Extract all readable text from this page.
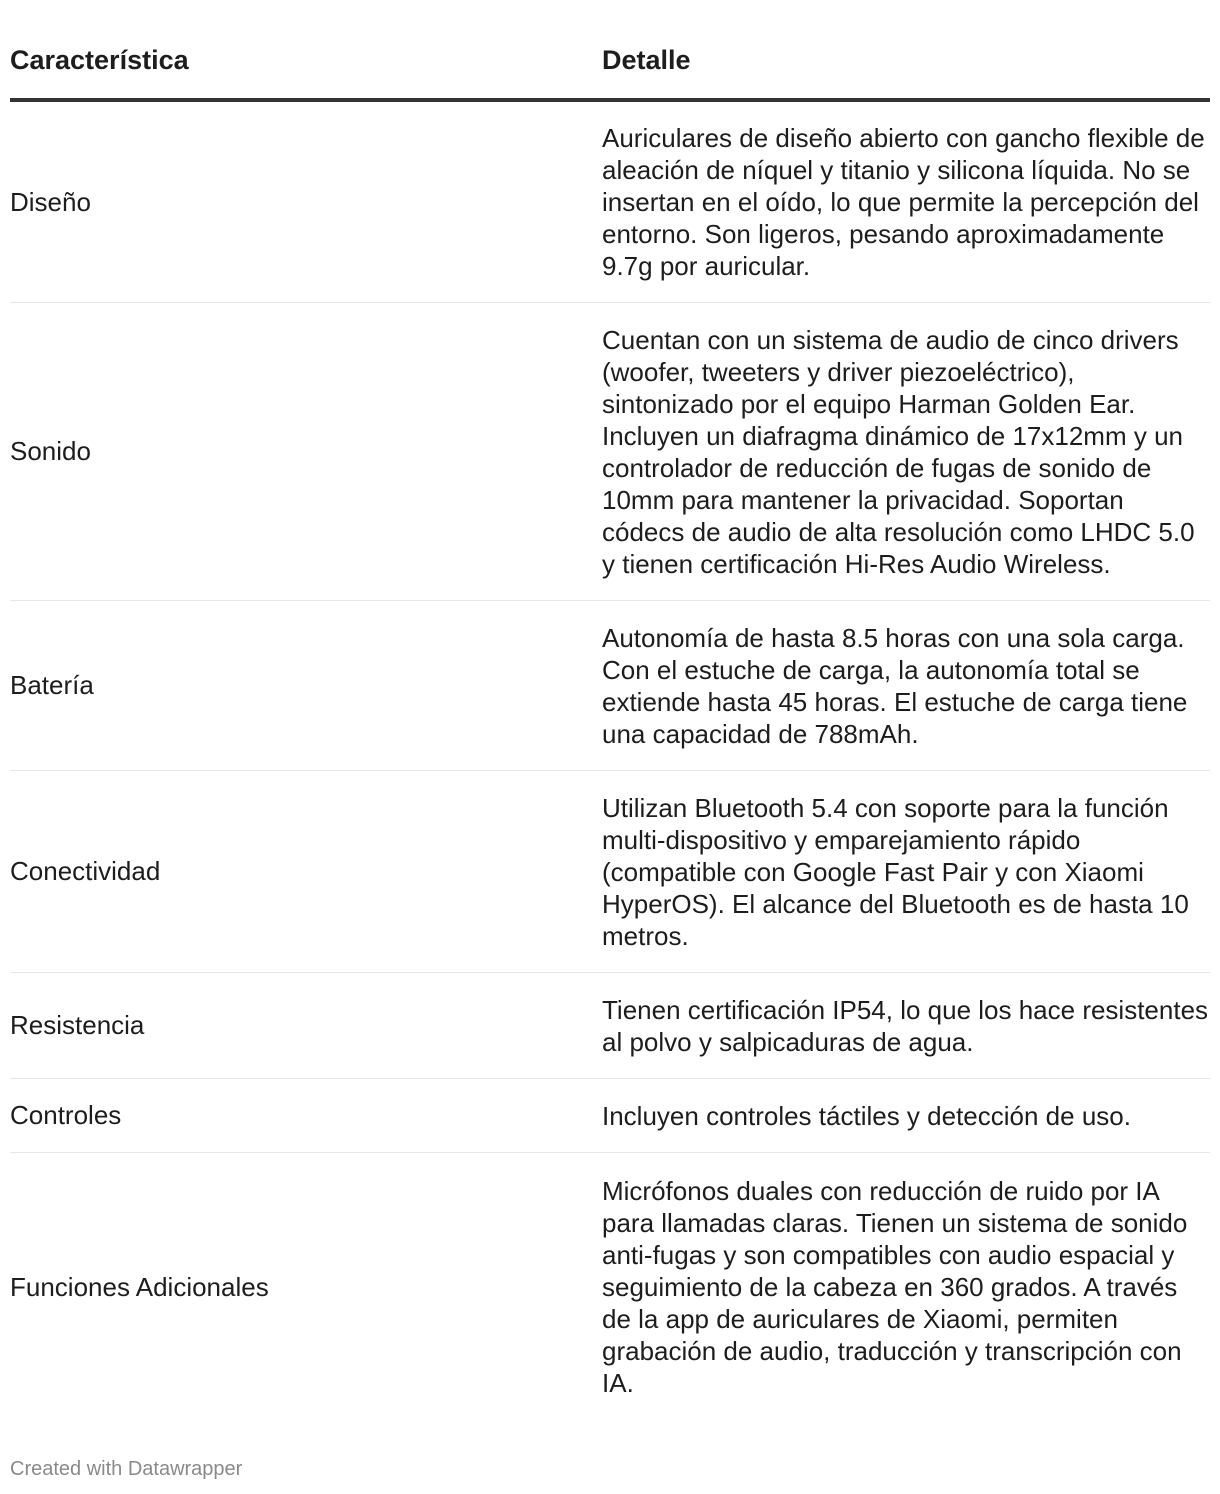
Característica	Detalle
Diseño
Auriculares de diseño abierto con gancho flexible de aleación de níquel y titanio y silicona líquida. No se insertan en el oído, lo que permite la percepción del entorno. Son ligeros, pesando aproximadamente 9.7g por auricular.
Sonido
Cuentan con un sistema de audio de cinco drivers (woofer, tweeters y driver piezoeléctrico), sintonizado por el equipo Harman Golden Ear. Incluyen un diafragma dinámico de 17x12mm y un controlador de reducción de fugas de sonido de 10mm para mantener la privacidad. Soportan códecs de audio de alta resolución como LHDC 5.0 y tienen certificación Hi-Res Audio Wireless.
Batería
Autonomía de hasta 8.5 horas con una sola carga. Con el estuche de carga, la autonomía total se extiende hasta 45 horas. El estuche de carga tiene una capacidad de 788mAh.
Conectividad
Utilizan Bluetooth 5.4 con soporte para la función multi-dispositivo y emparejamiento rápido (compatible con Google Fast Pair y con Xiaomi HyperOS). El alcance del Bluetooth es de hasta 10 metros.
Resistencia
Tienen certificación IP54, lo que los hace resistentes al polvo y salpicaduras de agua.
Controles	Incluyen controles táctiles y detección de uso.
Funciones Adicionales
Micrófonos duales con reducción de ruido por IA para llamadas claras. Tienen un sistema de sonido anti-fugas y son compatibles con audio espacial y seguimiento de la cabeza en 360 grados. A través de la app de auriculares de Xiaomi, permiten grabación de audio, traducción y transcripción con IA.
Created with Datawrapper
